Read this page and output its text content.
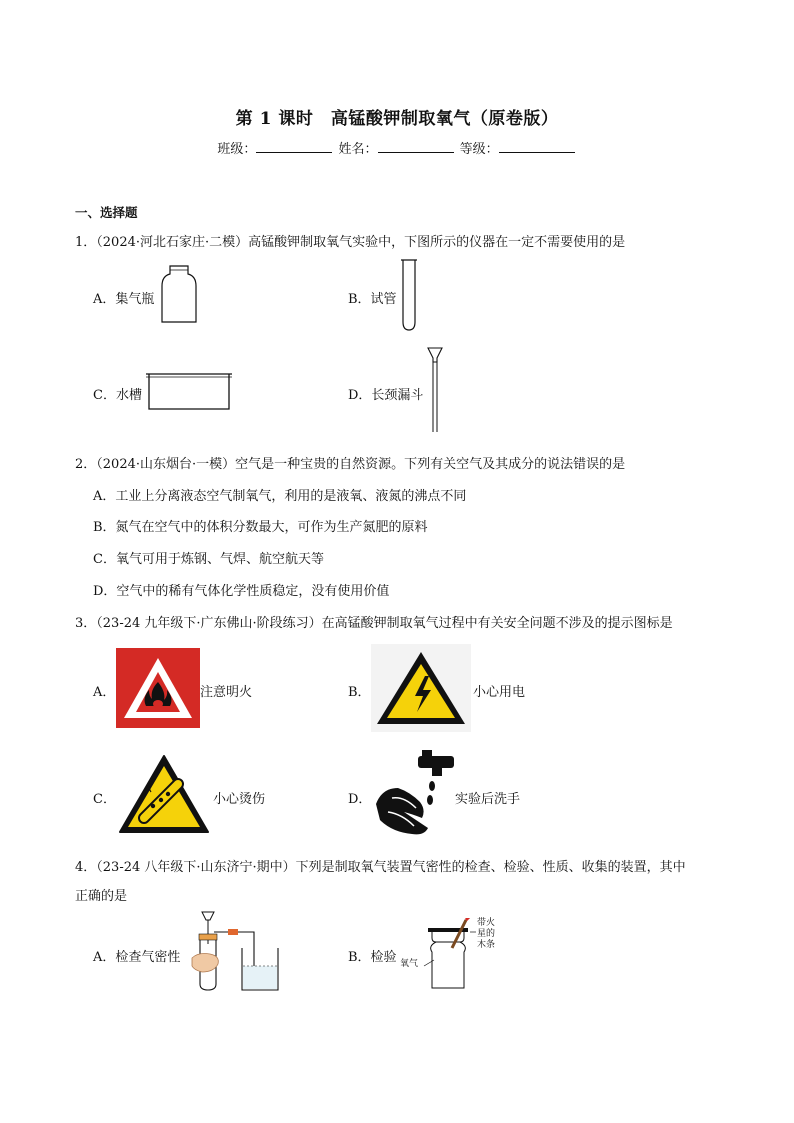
第 1 课时　高锰酸钾制取氧气（原卷版）
班级：	姓名：	等级：
一、选择题
1．（2024·河北石家庄·二模）高锰酸钾制取氧气实验中，下图所示的仪器在一定不需要使用的是
A．集气瓶	B．试管
C．水槽	D．长颈漏斗
2．（2024·山东烟台·一模）空气是一种宝贵的自然资源。下列有关空气及其成分的说法错误的是
A．工业上分离液态空气制氧气，利用的是液氧、液氮的沸点不同
B．氮气在空气中的体积分数最大，可作为生产氮肥的原料
C．氧气可用于炼钢、气焊、航空航天等
D．空气中的稀有气体化学性质稳定，没有使用价值
3．（23-24 九年级下·广东佛山·阶段练习）在高锰酸钾制取氧气过程中有关安全问题不涉及的提示图标是
A．	注意明火	B．	小心用电
C．	小心烫伤	D．	实验后洗手
4．（23-24 八年级下·山东济宁·期中）下列是制取氧气装置气密性的检查、检验、性质、收集的装置，其中
正确的是
A．检查气密性	B．检验 氧气
带火
星的
木条
